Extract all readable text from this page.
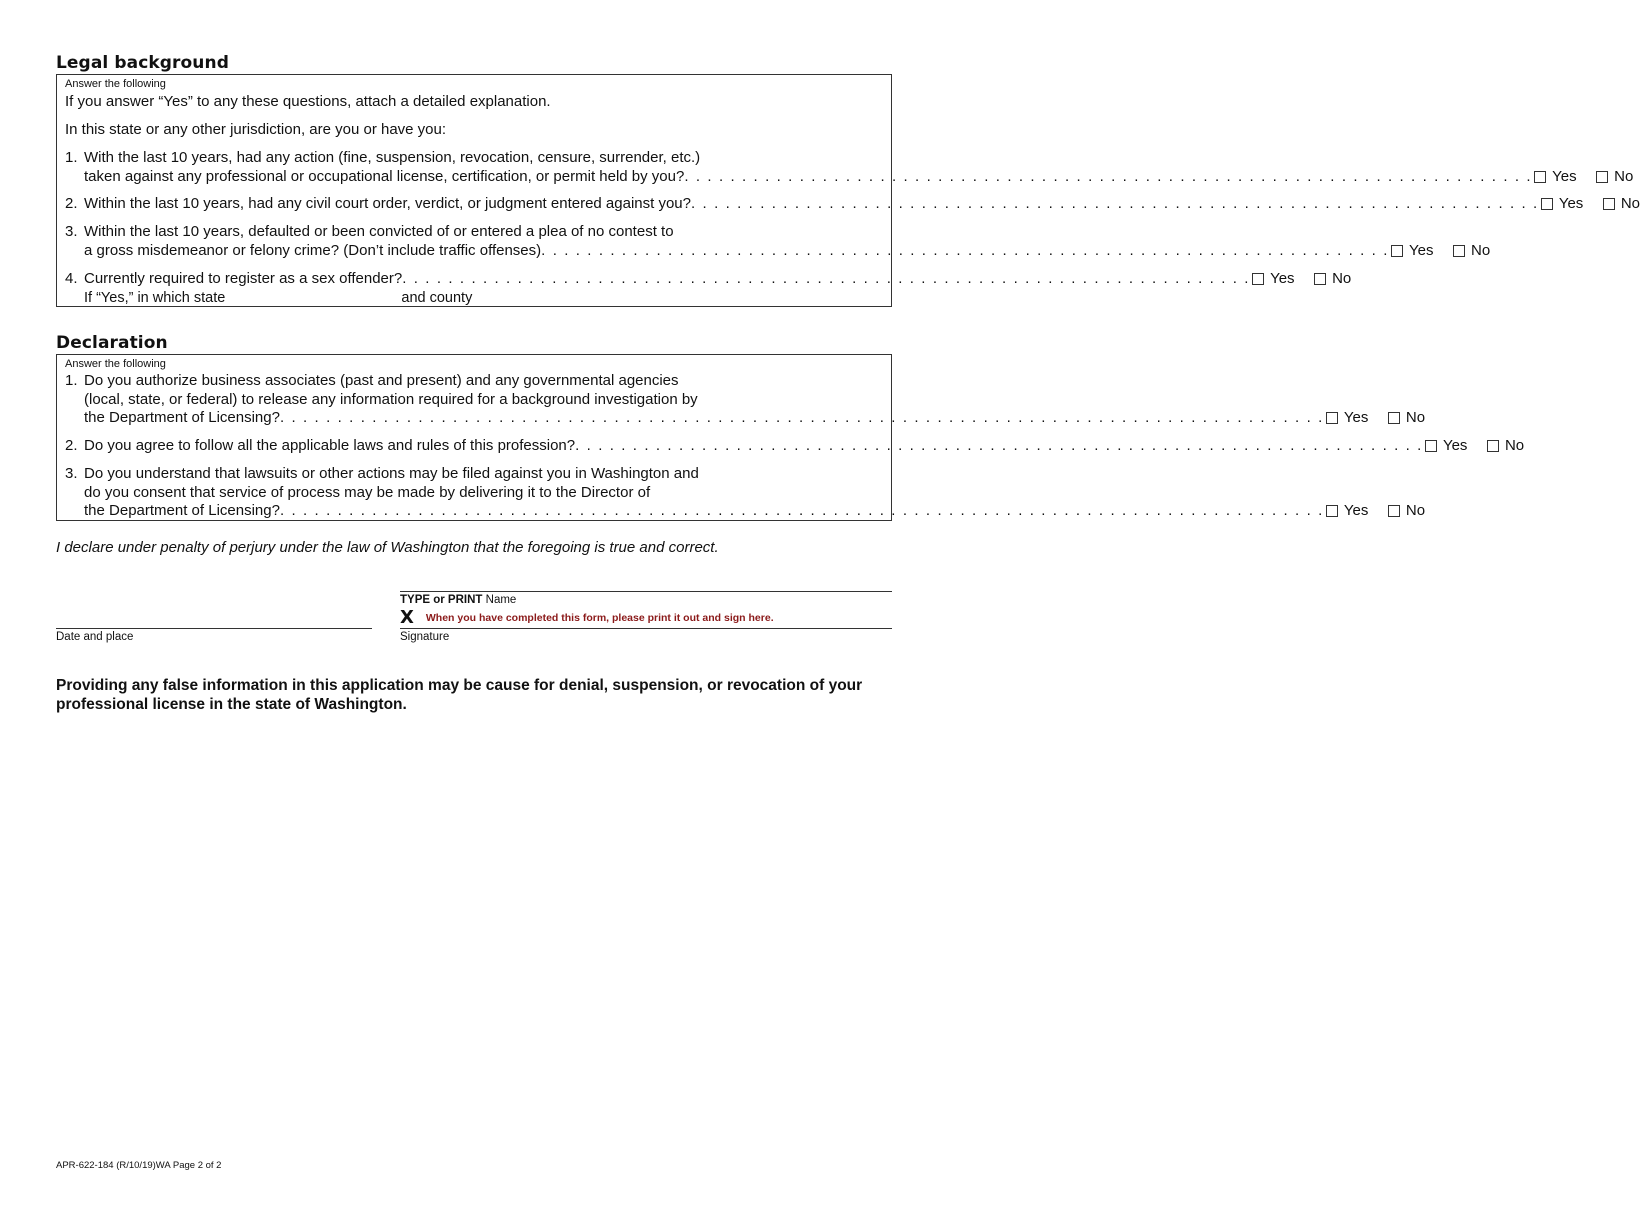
Legal background
Answer the following
If you answer “Yes” to any these questions, attach a detailed explanation.
In this state or any other jurisdiction, are you or have you:
1. With the last 10 years, had any action (fine, suspension, revocation, censure, surrender, etc.)
taken against any professional or occupational license, certification, or permit held by you? . . . . . . . . . . . . . . . . . . . . . . . . . . . . . . . . . . . . . . . . . . . . . . . . . . . . . . . . . . . . . . . . . . . . . . . . . . Yes	No
2. Within the last 10 years, had any civil court order, verdict, or judgment entered against you? . . . . . . . . . . . . . . . . . . . . . . . . . . . . . . . . . . . . . . . . . . . . . . . . . . . . . . . . . . . . . . . . . . . . . . . . . . Yes	No
3. Within the last 10 years, defaulted or been convicted of or entered a plea of no contest to
a gross misdemeanor or felony crime? (Don’t include traffic offenses) . . . . . . . . . . . . . . . . . . . . . . . . . . . . . . . . . . . . . . . . . . . . . . . . . . . . . . . . . . . . . . . . . . . . . . . . . . Yes	No
4. Currently required to register as a sex offender? . . . . . . . . . . . . . . . . . . . . . . . . . . . . . . . . . . . . . . . . . . . . . . . . . . . . . . . . . . . . . . . . . . . . . . . . . . Yes	No
If “Yes,” in which state	and county
Declaration
Answer the following
1. Do you authorize business associates (past and present) and any governmental agencies
(local, state, or federal) to release any information required for a background investigation by
the Department of Licensing? . . . . . . . . . . . . . . . . . . . . . . . . . . . . . . . . . . . . . . . . . . . . . . . . . . . . . . . . . . . . . . . . . . . . . . . . . . . . . . . . . . . . . . . . . . . Yes	No
2. Do you agree to follow all the applicable laws and rules of this profession? . . . . . . . . . . . . . . . . . . . . . . . . . . . . . . . . . . . . . . . . . . . . . . . . . . . . . . . . . . . . . . . . . . . . . . . . . . Yes	No
3. Do you understand that lawsuits or other actions may be filed against you in Washington and
do you consent that service of process may be made by delivering it to the Director of
the Department of Licensing? . . . . . . . . . . . . . . . . . . . . . . . . . . . . . . . . . . . . . . . . . . . . . . . . . . . . . . . . . . . . . . . . . . . . . . . . . . . . . . . . . . . . . . . . . . . Yes	No
I declare under penalty of perjury under the law of Washington that the foregoing is true and correct.
TYPE or PRINT Name
X When you have completed this form, please print it out and sign here.
Date and place	Signature
Providing any false information in this application may be cause for denial, suspension, or revocation of your professional license in the state of Washington.
APR-622-184 (R/10/19)WA Page 2 of 2
